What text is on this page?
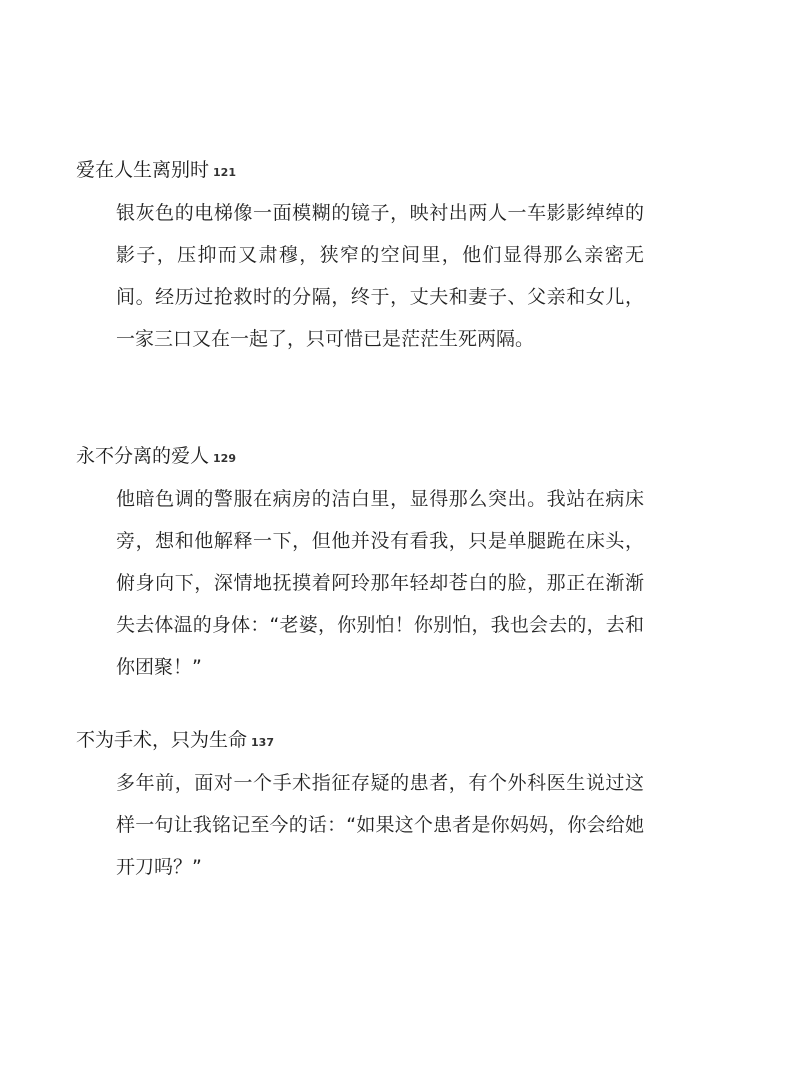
爱在人生离别时 121

银灰色的电梯像一面模糊的镜子，映衬出两人一车影影绰绰的影子，压抑而又肃穆，狭窄的空间里，他们显得那么亲密无间。经历过抢救时的分隔，终于，丈夫和妻子、父亲和女儿，一家三口又在一起了，只可惜已是茫茫生死两隔。

永不分离的爱人 129

他暗色调的警服在病房的洁白里，显得那么突出。我站在病床旁，想和他解释一下，但他并没有看我，只是单腿跪在床头，俯身向下，深情地抚摸着阿玲那年轻却苍白的脸，那正在渐渐失去体温的身体：“老婆，你别怕！你别怕，我也会去的，去和你团聚！”

不为手术，只为生命 137

多年前，面对一个手术指征存疑的患者，有个外科医生说过这样一句让我铭记至今的话：“如果这个患者是你妈妈，你会给她开刀吗？”
